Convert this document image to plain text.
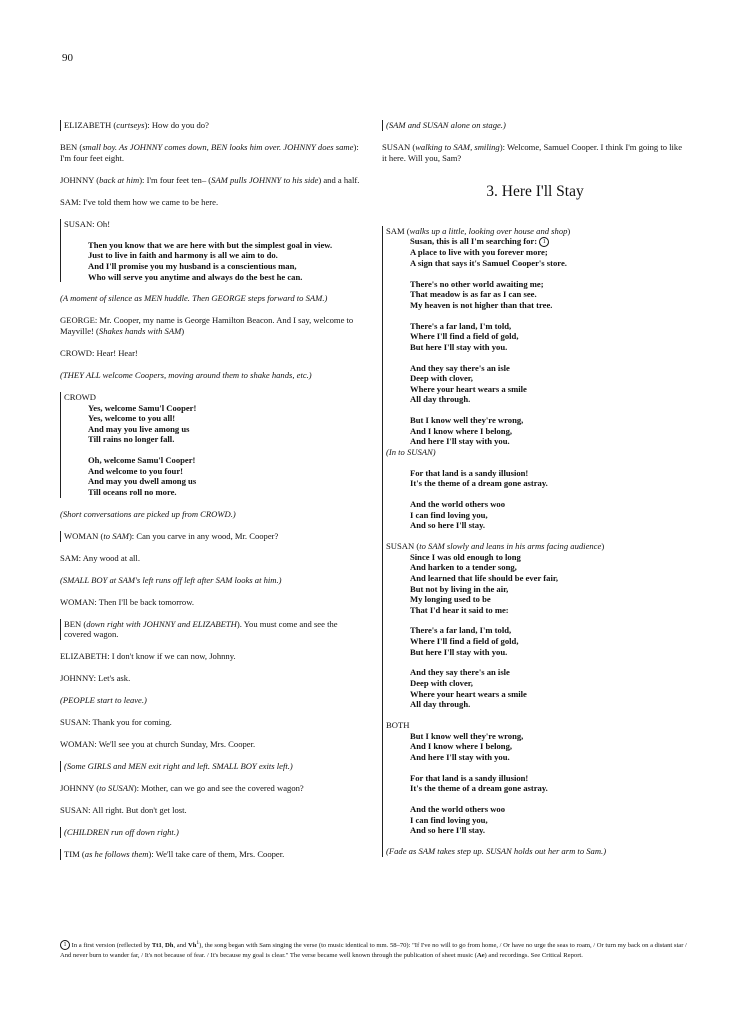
90
ELIZABETH (curtseys): How do you do?
BEN (small boy. As JOHNNY comes down, BEN looks him over. JOHNNY does same): I'm four feet eight.
JOHNNY (back at him): I'm four feet ten– (SAM pulls JOHNNY to his side) and a half.
SAM: I've told them how we came to be here.
SUSAN: Oh!
Then you know that we are here with but the simplest goal in view.
Just to live in faith and harmony is all we aim to do.
And I'll promise you my husband is a conscientious man,
Who will serve you anytime and always do the best he can.
(A moment of silence as MEN huddle. Then GEORGE steps forward to SAM.)
GEORGE: Mr. Cooper, my name is George Hamilton Beacon. And I say, welcome to Mayville! (Shakes hands with SAM)
CROWD: Hear! Hear!
(THEY ALL welcome Coopers, moving around them to shake hands, etc.)
CROWD
Yes, welcome Samu'l Cooper!
Yes, welcome to you all!
And may you live among us
Till rains no longer fall.
Oh, welcome Samu'l Cooper!
And welcome to you four!
And may you dwell among us
Till oceans roll no more.
(Short conversations are picked up from CROWD.)
WOMAN (to SAM): Can you carve in any wood, Mr. Cooper?
SAM: Any wood at all.
(SMALL BOY at SAM's left runs off left after SAM looks at him.)
WOMAN: Then I'll be back tomorrow.
BEN (down right with JOHNNY and ELIZABETH). You must come and see the covered wagon.
ELIZABETH: I don't know if we can now, Johnny.
JOHNNY: Let's ask.
(PEOPLE start to leave.)
SUSAN: Thank you for coming.
WOMAN: We'll see you at church Sunday, Mrs. Cooper.
(Some GIRLS and MEN exit right and left. SMALL BOY exits left.)
JOHNNY (to SUSAN): Mother, can we go and see the covered wagon?
SUSAN: All right. But don't get lost.
(CHILDREN run off down right.)
TIM (as he follows them): We'll take care of them, Mrs. Cooper.
(SAM and SUSAN alone on stage.)
SUSAN (walking to SAM, smiling): Welcome, Samuel Cooper. I think I'm going to like it here. Will you, Sam?
3. Here I'll Stay
SAM (walks up a little, looking over house and shop)
Susan, this is all I'm searching for: 1
A place to live with you forever more;
A sign that says it's Samuel Cooper's store.
There's no other world awaiting me;
That meadow is as far as I can see.
My heaven is not higher than that tree.
There's a far land, I'm told,
Where I'll find a field of gold,
But here I'll stay with you.
And they say there's an isle
Deep with clover,
Where your heart wears a smile
All day through.
But I know well they're wrong,
And I know where I belong,
And here I'll stay with you.
(In to SUSAN)
For that land is a sandy illusion!
It's the theme of a dream gone astray.
And the world others woo
I can find loving you,
And so here I'll stay.
SUSAN (to SAM slowly and leans in his arms facing audience)
Since I was old enough to long
And harken to a tender song,
And learned that life should be ever fair,
But not by living in the air,
My longing used to be
That I'd hear it said to me:
There's a far land, I'm told,
Where I'll find a field of gold,
But here I'll stay with you.
And they say there's an isle
Deep with clover,
Where your heart wears a smile
All day through.
BOTH
But I know well they're wrong,
And I know where I belong,
And here I'll stay with you.
For that land is a sandy illusion!
It's the theme of a dream gone astray.
And the world others woo
I can find loving you,
And so here I'll stay.
(Fade as SAM takes step up. SUSAN holds out her arm to Sam.)
1 In a first version (reflected by Tt1, Dh, and Vh$^1$), the song began with Sam singing the verse (to music identical to mm. 58–70): "If I've no will to go from home, / Or have no urge the seas to roam, / Or turn my back on a distant star / And never burn to wander far, / It's not because of fear. / It's because my goal is clear." The verse became well known through the publication of sheet music (Ae) and recordings. See Critical Report.
